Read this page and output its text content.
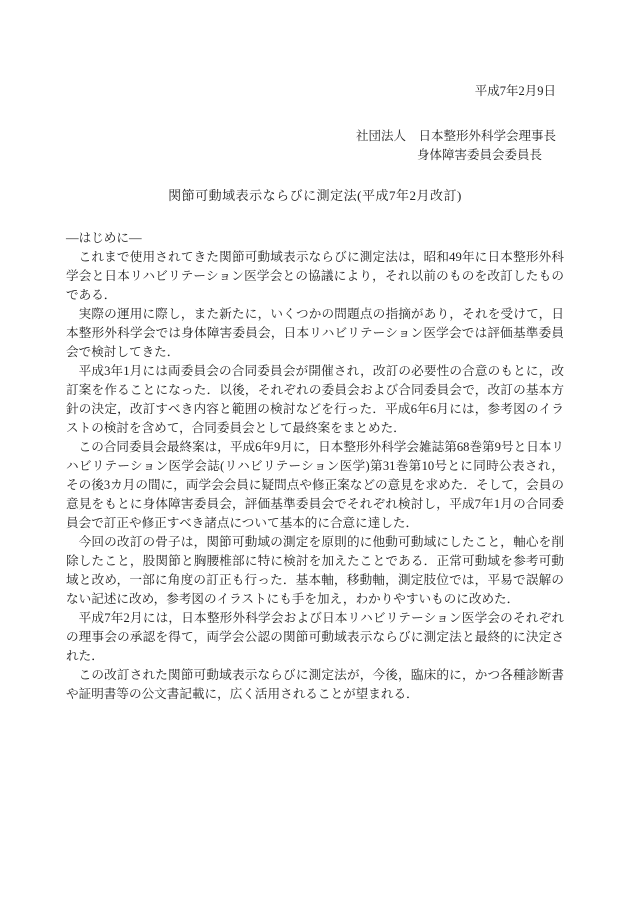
平成7年2月9日
社団法人　日本整形外科学会理事長
身体障害委員会委員長
関節可動域表示ならびに測定法(平成7年2月改訂)
―はじめに―

これまで使用されてきた関節可動域表示ならびに測定法は，昭和49年に日本整形外科学会と日本リハビリテーション医学会との協議により，それ以前のものを改訂したものである．

実際の運用に際し，また新たに，いくつかの問題点の指摘があり，それを受けて，日本整形外科学会では身体障害委員会，日本リハビリテーション医学会では評価基準委員会で検討してきた．

平成3年1月には両委員会の合同委員会が開催され，改訂の必要性の合意のもとに，改訂案を作ることになった．以後，それぞれの委員会および合同委員会で，改訂の基本方針の決定，改訂すべき内容と範囲の検討などを行った．平成6年6月には，参考図のイラストの検討を含めて，合同委員会として最終案をまとめた．

この合同委員会最終案は，平成6年9月に，日本整形外科学会雑誌第68巻第9号と日本リハビリテーション医学会誌(リハビリテーション医学)第31巻第10号とに同時公表され，その後3カ月の間に，両学会会員に疑問点や修正案などの意見を求めた．そして，会員の意見をもとに身体障害委員会，評価基準委員会でそれぞれ検討し，平成7年1月の合同委員会で訂正や修正すべき諸点について基本的に合意に達した．

今回の改訂の骨子は，関節可動域の測定を原則的に他動可動域にしたこと，軸心を削除したこと，股関節と胸腰椎部に特に検討を加えたことである．正常可動域を参考可動域と改め，一部に角度の訂正も行った．基本軸，移動軸，測定肢位では，平易で誤解のない記述に改め，参考図のイラストにも手を加え，わかりやすいものに改めた．

平成7年2月には，日本整形外科学会および日本リハビリテーション医学会のそれぞれの理事会の承認を得て，両学会公認の関節可動域表示ならびに測定法と最終的に決定された．

この改訂された関節可動域表示ならびに測定法が，今後，臨床的に，かつ各種診断書や証明書等の公文書記載に，広く活用されることが望まれる．
